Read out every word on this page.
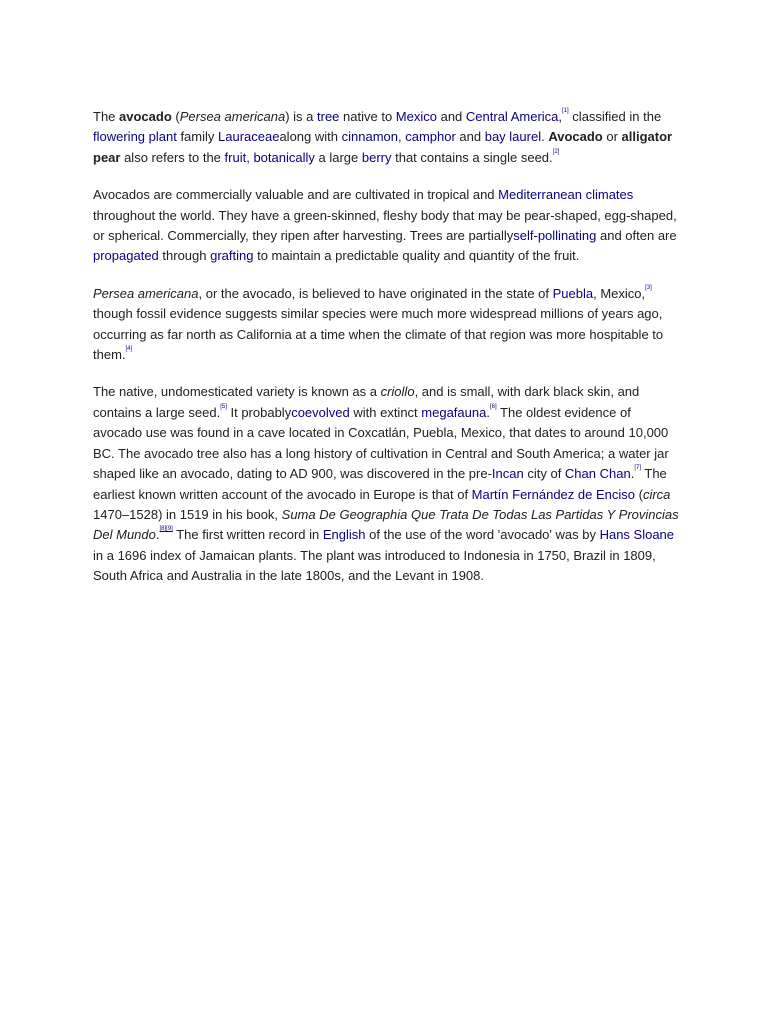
The avocado (Persea americana) is a tree native to Mexico and Central America,[1] classified in the flowering plant family Lauraceaealong with cinnamon, camphor and bay laurel. Avocado or alligator pear also refers to the fruit, botanically a large berry that contains a single seed.[2]

Avocados are commercially valuable and are cultivated in tropical and Mediterranean climates throughout the world. They have a green-skinned, fleshy body that may be pear-shaped, egg-shaped, or spherical. Commercially, they ripen after harvesting. Trees are partiallyself-pollinating and often are propagated through grafting to maintain a predictable quality and quantity of the fruit.

Persea americana, or the avocado, is believed to have originated in the state of Puebla, Mexico,[3] though fossil evidence suggests similar species were much more widespread millions of years ago, occurring as far north as California at a time when the climate of that region was more hospitable to them.[4]

The native, undomesticated variety is known as a criollo, and is small, with dark black skin, and contains a large seed.[5] It probablycoevolved with extinct megafauna.[6] The oldest evidence of avocado use was found in a cave located in Coxcatlán, Puebla, Mexico, that dates to around 10,000 BC. The avocado tree also has a long history of cultivation in Central and South America; a water jar shaped like an avocado, dating to AD 900, was discovered in the pre-Incan city of Chan Chan.[7] The earliest known written account of the avocado in Europe is that of Martín Fernández de Enciso (circa 1470–1528) in 1519 in his book, Suma De Geographia Que Trata De Todas Las Partidas Y Provincias Del Mundo.[8][9] The first written record in English of the use of the word 'avocado' was by Hans Sloane in a 1696 index of Jamaican plants. The plant was introduced to Indonesia in 1750, Brazil in 1809, South Africa and Australia in the late 1800s, and the Levant in 1908.
